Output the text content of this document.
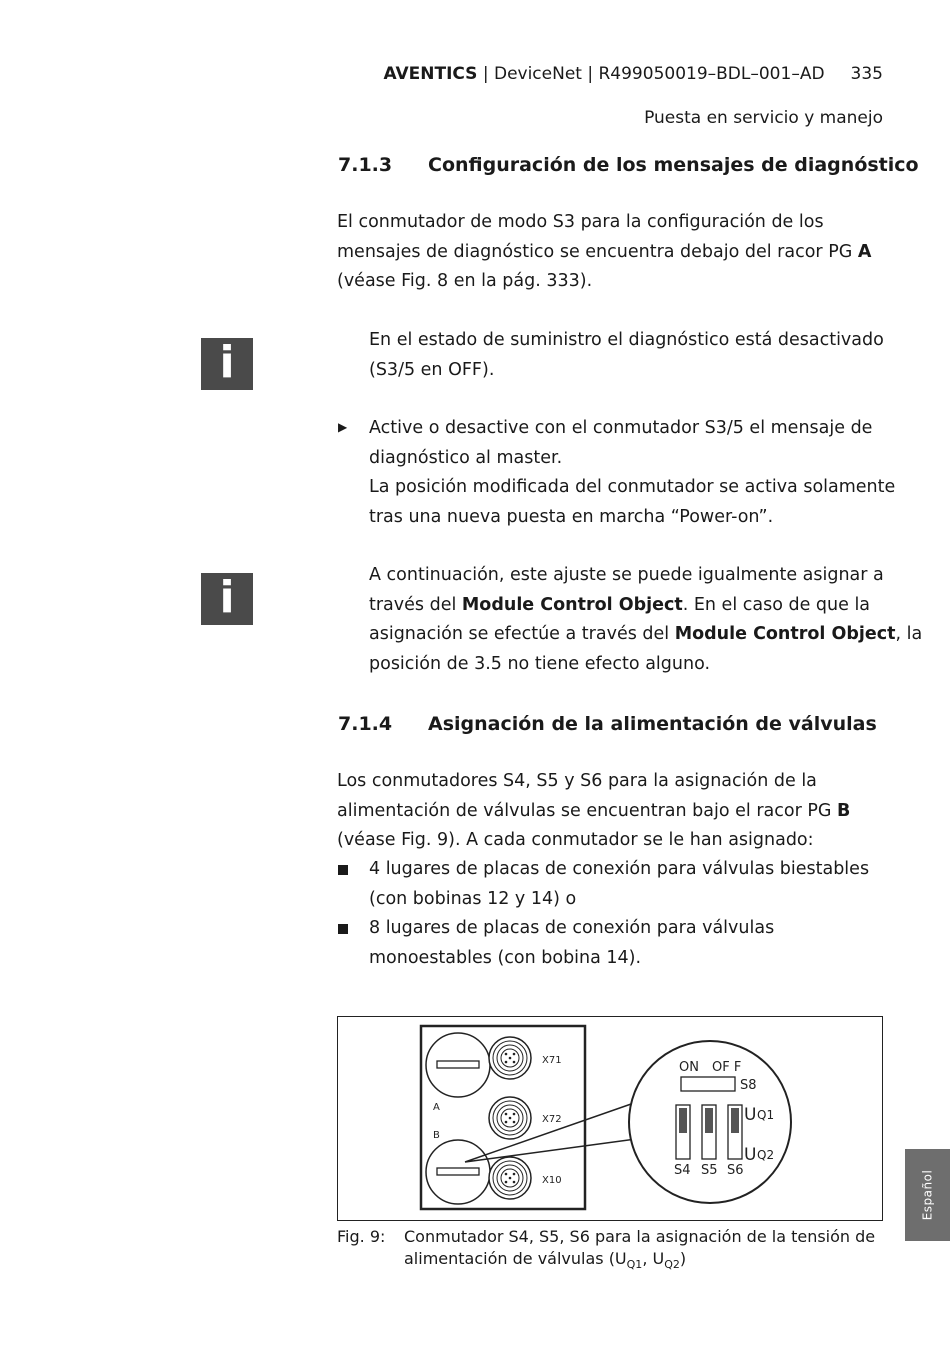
AVENTICS | DeviceNet | R499050019–BDL–001–AD 335
Puesta en servicio y manejo
7.1.3 Configuración de los mensajes de diagnóstico
El conmutador de modo S3 para la configuración de los
mensajes de diagnóstico se encuentra debajo del racor PG A
(véase Fig. 8 en la pág. 333).
i	En el estado de suministro el diagnóstico está desactivado
(S3/5 en OFF).
▶ Active o desactive con el conmutador S3/5 el mensaje de
diagnóstico al master.
La posición modificada del conmutador se activa solamente
tras una nueva puesta en marcha “Power-on”.
i	A continuación, este ajuste se puede igualmente asignar a
través del Module Control Object. En el caso de que la
asignación se efectúe a través del Module Control Object, la
posición de 3.5 no tiene efecto alguno.
7.1.4 Asignación de la alimentación de válvulas
Los conmutadores S4, S5 y S6 para la asignación de la
alimentación de válvulas se encuentran bajo el racor PG B
(véase Fig. 9). A cada conmutador se le han asignado:
4 lugares de placas de conexión para válvulas biestables
(con bobinas 12 y 14) o
8 lugares de placas de conexión para válvulas
monoestables (con bobina 14).
X71
X72
X10
A
B
ON OF F
S8
U Q1
U Q2
S4 S5 S6
Fig. 9: Conmutador S4, S5, S6 para la asignación de la tensión de
alimentación de válvulas ($U_{Q1}$, $U_{Q2}$)
Español
